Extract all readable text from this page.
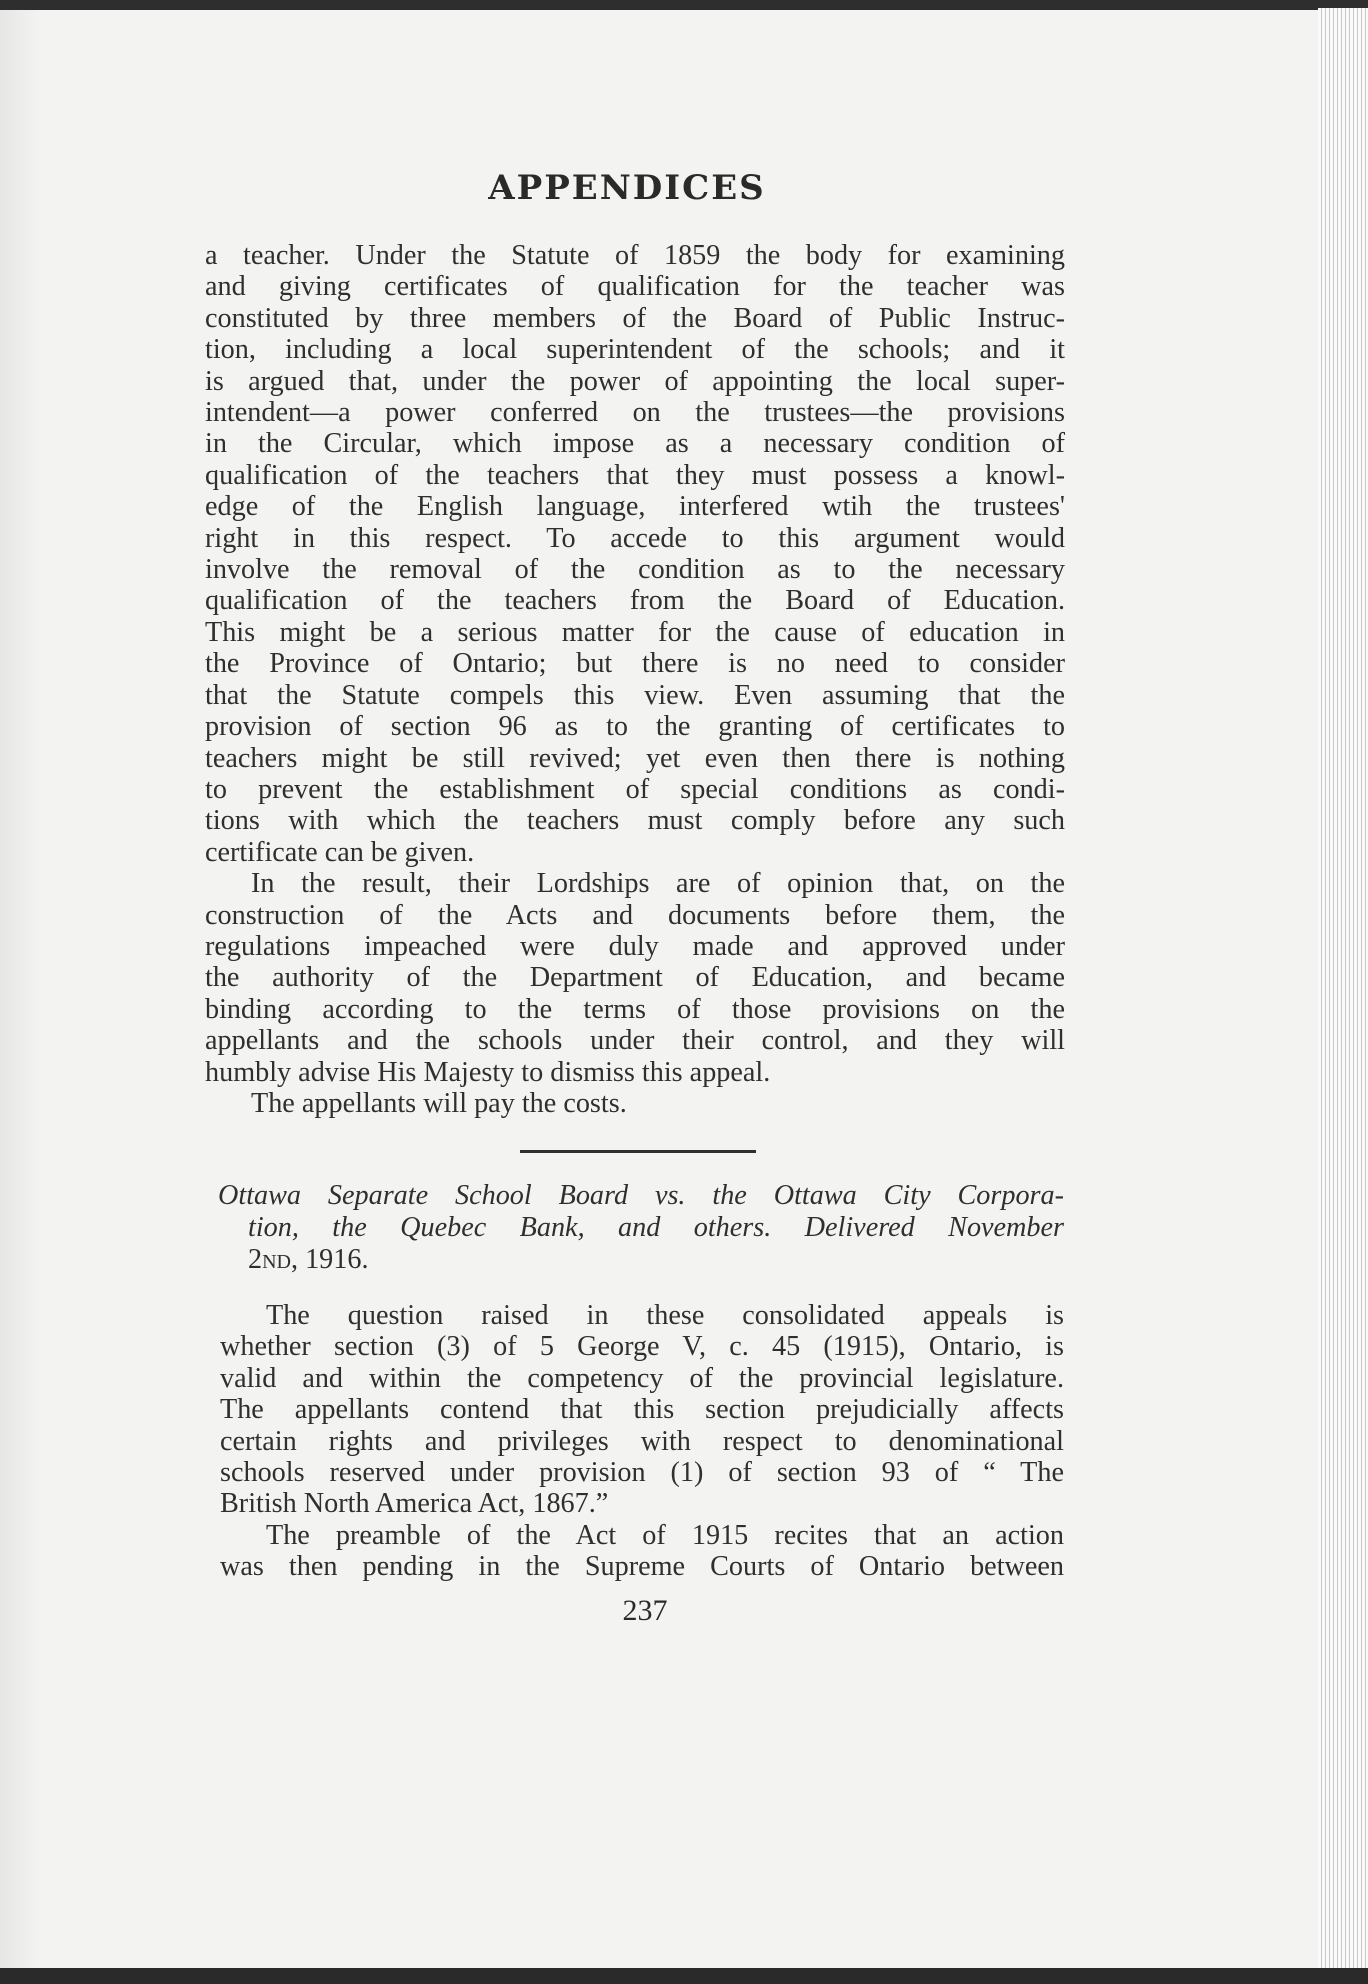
APPENDICES
a teacher. Under the Statute of 1859 the body for examining
and giving certificates of qualification for the teacher was
constituted by three members of the Board of Public Instruc-
tion, including a local superintendent of the schools; and it
is argued that, under the power of appointing the local super-
intendent—a power conferred on the trustees—the provisions
in the Circular, which impose as a necessary condition of
qualification of the teachers that they must possess a knowl-
edge of the English language, interfered wtih the trustees'
right in this respect. To accede to this argument would
involve the removal of the condition as to the necessary
qualification of the teachers from the Board of Education.
This might be a serious matter for the cause of education in
the Province of Ontario; but there is no need to consider
that the Statute compels this view. Even assuming that the
provision of section 96 as to the granting of certificates to
teachers might be still revived; yet even then there is nothing
to prevent the establishment of special conditions as condi-
tions with which the teachers must comply before any such
certificate can be given.
In the result, their Lordships are of opinion that, on the
construction of the Acts and documents before them, the
regulations impeached were duly made and approved under
the authority of the Department of Education, and became
binding according to the terms of those provisions on the
appellants and the schools under their control, and they will
humbly advise His Majesty to dismiss this appeal.
The appellants will pay the costs.
Ottawa Separate School Board vs. the Ottawa City Corpora-
tion, the Quebec Bank, and others. Delivered November
2nd, 1916.
The question raised in these consolidated appeals is
whether section (3) of 5 George V, c. 45 (1915), Ontario, is
valid and within the competency of the provincial legislature.
The appellants contend that this section prejudicially affects
certain rights and privileges with respect to denominational
schools reserved under provision (1) of section 93 of “ The
British North America Act, 1867.”
The preamble of the Act of 1915 recites that an action
was then pending in the Supreme Courts of Ontario between
237
